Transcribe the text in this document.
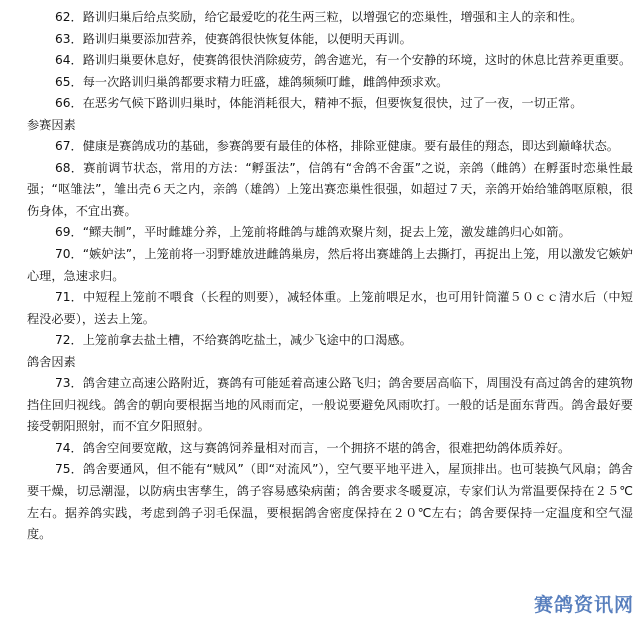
62．路训归巢后给点奖励，给它最爱吃的花生两三粒，以增强它的恋巢性，增强和主人的亲和性。

63．路训归巢要添加营养，使赛鸽很快恢复体能，以便明天再训。

64．路训归巢要休息好，使赛鸽很快消除疲劳，鸽舍遮光，有一个安静的环境，这时的休息比营养更重要。

65．每一次路训归巢鸽都要求精力旺盛，雄鸽频频叮雌，雌鸽伸颈求欢。

66．在恶劣气候下路训归巢时，体能消耗很大，精神不振，但要恢复很快，过了一夜，一切正常。

参赛因素

67．健康是赛鸽成功的基础，参赛鸽要有最佳的体格，排除亚健康。要有最佳的翔态，即达到巅峰状态。

68．赛前调节状态，常用的方法：“孵蛋法”，信鸽有“舍鸽不舍蛋”之说，亲鸽（雌鸽）在孵蛋时恋巢性最强；“呕雏法”，雏出壳６天之内，亲鸽（雄鸽）上笼出赛恋巢性很强，如超过７天，亲鸽开始给雏鸽呕原粮，很伤身体，不宜出赛。

69．“鳏夫制”，平时雌雄分养，上笼前将雌鸽与雄鸽欢聚片刻，捉去上笼，激发雄鸽归心如箭。

70．“嫉妒法”，上笼前将一羽野雄放进雌鸽巢房，然后将出赛雄鸽上去撕打，再捉出上笼，用以激发它嫉妒心理，急速求归。

71．中短程上笼前不喂食（长程的则要），减轻体重。上笼前喂足水，也可用针筒灌５０ｃｃ清水后（中短程没必要），送去上笼。

72．上笼前拿去盐土槽，不给赛鸽吃盐土，减少飞途中的口渴感。

鸽舍因素

73．鸽舍建立高速公路附近，赛鸽有可能延着高速公路飞归；鸽舍要居高临下，周围没有高过鸽舍的建筑物挡住回归视线。鸽舍的朝向要根据当地的风雨而定，一般说要避免风雨吹打。一般的话是面东背西。鸽舍最好要接受朝阳照射，而不宜夕阳照射。

74．鸽舍空间要宽敞，这与赛鸽饲养量相对而言，一个拥挤不堪的鸽舍，很难把幼鸽体质养好。

75．鸽舍要通风，但不能有“贼风”（即“对流风”），空气要平地平进入，屋顶排出。也可装换气风扇；鸽舍要干燥，切忌潮湿，以防病虫害孳生，鸽子容易感染病菌；鸽舍要求冬暖夏凉，专家们认为常温要保持在２５℃左右。据养鸽实践，考虑到鸽子羽毛保温，要根据鸽舍密度保持在２０℃左右；鸽舍要保持一定温度和空气湿度。

赛鸽资讯网
